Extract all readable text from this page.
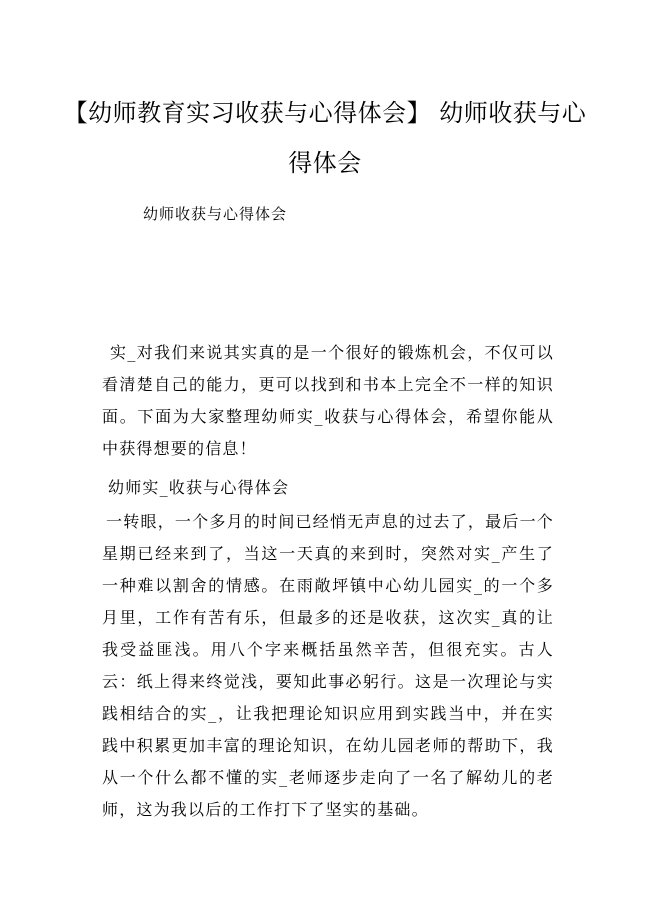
【幼师教育实习收获与心得体会】 幼师收获与心得体会
幼师收获与心得体会

实_对我们来说其实真的是一个很好的锻炼机会，不仅可以看清楚自己的能力，更可以找到和书本上完全不一样的知识面。下面为大家整理幼师实_收获与心得体会，希望你能从中获得想要的信息！

幼师实_收获与心得体会

一转眼，一个多月的时间已经悄无声息的过去了，最后一个星期已经来到了，当这一天真的来到时，突然对实_产生了一种难以割舍的情感。在雨敞坪镇中心幼儿园实_的一个多月里，工作有苦有乐，但最多的还是收获，这次实_真的让我受益匪浅。用八个字来概括虽然辛苦，但很充实。古人云：纸上得来终觉浅，要知此事必躬行。这是一次理论与实践相结合的实_，让我把理论知识应用到实践当中，并在实践中积累更加丰富的理论知识，在幼儿园老师的帮助下，我从一个什么都不懂的实_老师逐步走向了一名了解幼儿的老师，这为我以后的工作打下了坚实的基础。
